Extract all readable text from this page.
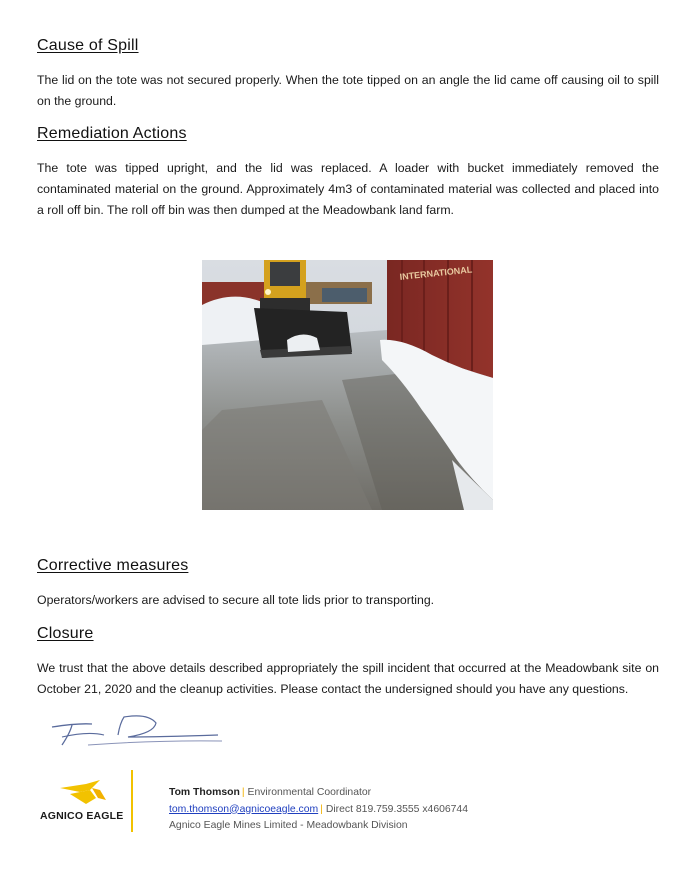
Cause of Spill
The lid on the tote was not secured properly. When the tote tipped on an angle the lid came off causing oil to spill on the ground.
Remediation Actions
The tote was tipped upright, and the lid was replaced. A loader with bucket immediately removed the contaminated material on the ground. Approximately 4m3 of contaminated material was collected and placed into a roll off bin. The roll off bin was then dumped at the Meadowbank land farm.
INTERNATIONAL
Corrective measures
Operators/workers are advised to secure all tote lids prior to transporting.
Closure
We trust that the above details described appropriately the spill incident that occurred at the Meadowbank site on October 21, 2020 and the cleanup activities. Please contact the undersigned should you have any questions.
AGNICO EAGLE
Tom Thomson | Environmental Coordinator
tom.thomson@agnicoeagle.com | Direct 819.759.3555 x4606744
Agnico Eagle Mines Limited - Meadowbank Division
